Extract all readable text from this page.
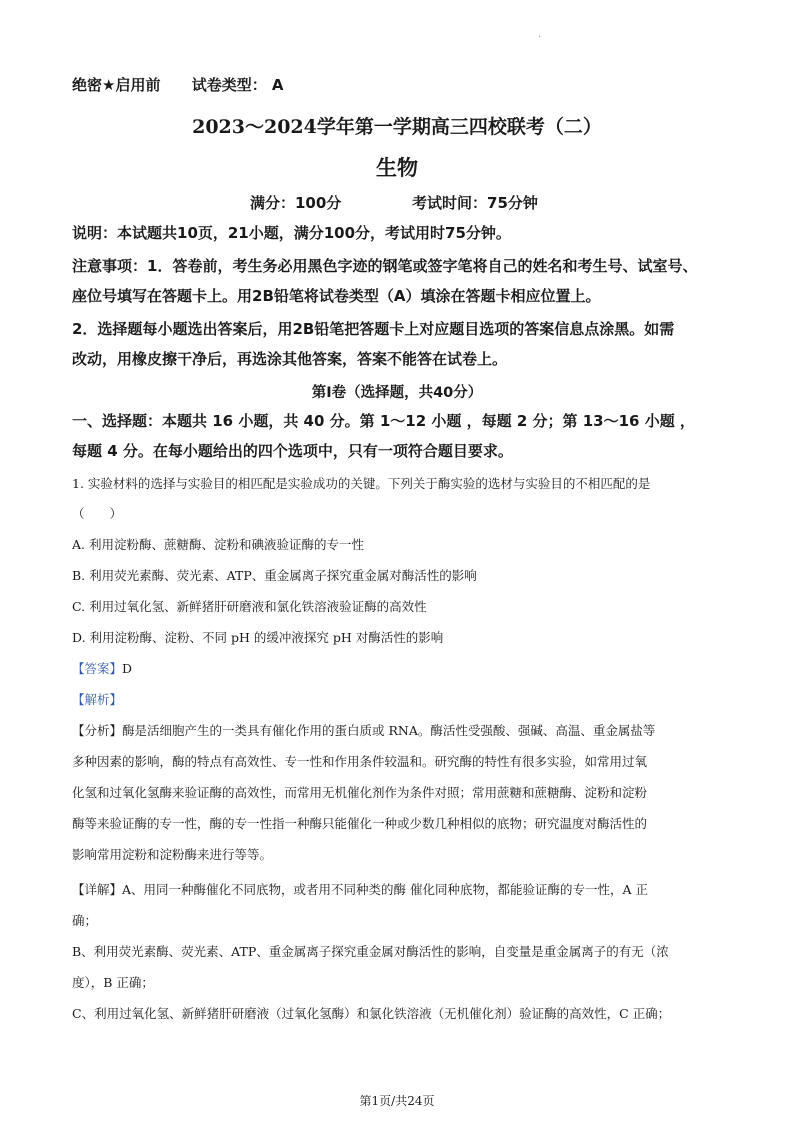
·
绝密★启用前 试卷类型： A
2023～2024学年第一学期高三四校联考（二）
生物
满分：100分	考试时间：75分钟
说明：本试题共10页，21小题，满分100分，考试用时75分钟。
注意事项：1．答卷前，考生务必用黑色字迹的钢笔或签字笔将自己的姓名和考生号、试室号、
座位号填写在答题卡上。用2B铅笔将试卷类型（A）填涂在答题卡相应位置上。
2．选择题每小题选出答案后，用2B铅笔把答题卡上对应题目选项的答案信息点涂黑。如需
改动，用橡皮擦干净后，再选涂其他答案，答案不能答在试卷上。
第I卷（选择题，共40分）
一、选择题：本题共 16 小题，共 40 分。第 1～12 小题 ，每题 2 分；第 13～16 小题 ，
每题 4 分。在每小题给出的四个选项中，只有一项符合题目要求。
1. 实验材料的选择与实验目的相匹配是实验成功的关键。下列关于酶实验的选材与实验目的不相匹配的是
（　　）
A. 利用淀粉酶、蔗糖酶、淀粉和碘液验证酶的专一性
B. 利用荧光素酶、荧光素、ATP、重金属离子探究重金属对酶活性的影响
C. 利用过氧化氢、新鲜猪肝研磨液和氯化铁溶液验证酶的高效性
D. 利用淀粉酶、淀粉、不同 pH 的缓冲液探究 pH 对酶活性的影响
【答案】D
【解析】
【分析】酶是活细胞产生的一类具有催化作用的蛋白质或 RNA。酶活性受强酸、强碱、高温、重金属盐等
多种因素的影响，酶的特点有高效性、专一性和作用条件较温和。研究酶的特性有很多实验，如常用过氧
化氢和过氧化氢酶来验证酶的高效性，而常用无机催化剂作为条件对照；常用蔗糖和蔗糖酶、淀粉和淀粉
酶等来验证酶的专一性，酶的专一性指一种酶只能催化一种或少数几种相似的底物；研究温度对酶活性的
影响常用淀粉和淀粉酶来进行等等。
【详解】A、用同一种酶催化不同底物，或者用不同种类的酶 催化同种底物，都能验证酶的专一性，A 正
确；
B、利用荧光素酶、荧光素、ATP、重金属离子探究重金属对酶活性的影响，自变量是重金属离子的有无（浓
度），B 正确；
C、利用过氧化氢、新鲜猪肝研磨液（过氧化氢酶）和氯化铁溶液（无机催化剂）验证酶的高效性，C 正确；
第1页/共24页
